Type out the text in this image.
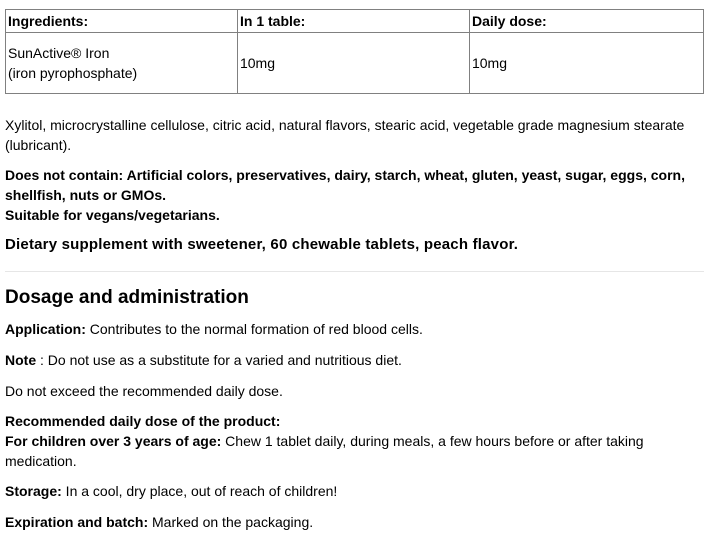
Ingredients:	In 1 table:	Daily dose:

SunActive® Iron
(iron pyrophosphate)	10mg	10mg

Xylitol, microcrystalline cellulose, citric acid, natural flavors, stearic acid, vegetable grade magnesium stearate (lubricant).

Does not contain: Artificial colors, preservatives, dairy, starch, wheat, gluten, yeast, sugar, eggs, corn, shellfish, nuts or GMOs.

Suitable for vegans/vegetarians.

Dietary supplement with sweetener, 60 chewable tablets, peach flavor.

Dosage and administration

Application: Contributes to the normal formation of red blood cells.

Note : Do not use as a substitute for a varied and nutritious diet.

Do not exceed the recommended daily dose.

Recommended daily dose of the product:

For children over 3 years of age: Chew 1 tablet daily, during meals, a few hours before or after taking medication.

Storage: In a cool, dry place, out of reach of children!

Expiration and batch: Marked on the packaging.
